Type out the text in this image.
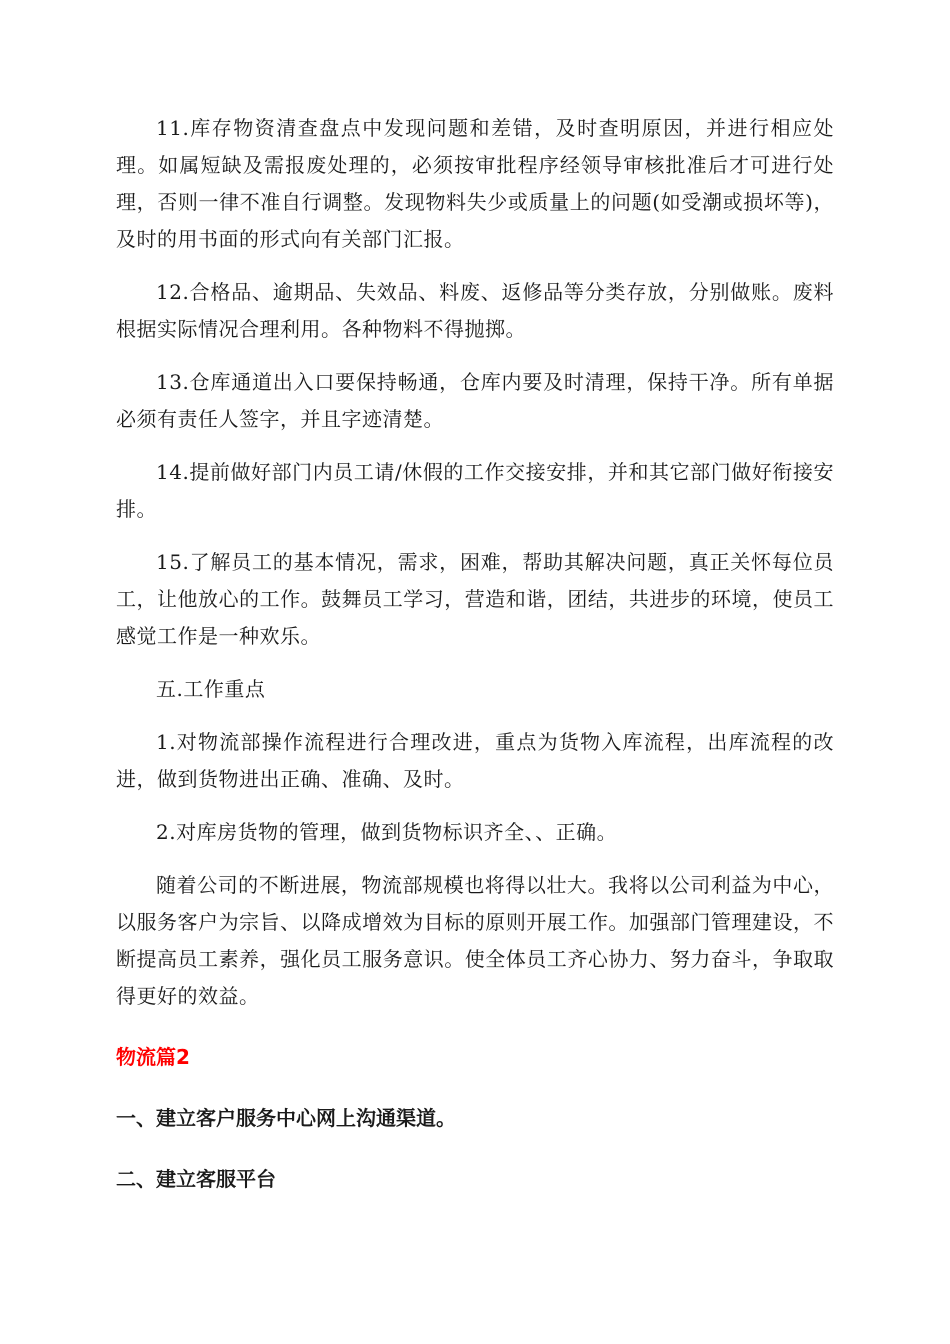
11.库存物资清查盘点中发现问题和差错，及时查明原因，并进行相应处理。如属短缺及需报废处理的，必须按审批程序经领导审核批准后才可进行处理，否则一律不准自行调整。发现物料失少或质量上的问题(如受潮或损坏等)，及时的用书面的形式向有关部门汇报。

12.合格品、逾期品、失效品、料废、返修品等分类存放，分别做账。废料根据实际情况合理利用。各种物料不得抛掷。

13.仓库通道出入口要保持畅通，仓库内要及时清理，保持干净。所有单据必须有责任人签字，并且字迹清楚。

14.提前做好部门内员工请/休假的工作交接安排，并和其它部门做好衔接安排。

15.了解员工的基本情况，需求，困难，帮助其解决问题，真正关怀每位员工，让他放心的工作。鼓舞员工学习，营造和谐，团结，共进步的环境，使员工感觉工作是一种欢乐。

五.工作重点

1.对物流部操作流程进行合理改进，重点为货物入库流程，出库流程的改进，做到货物进出正确、准确、及时。

2.对库房货物的管理，做到货物标识齐全、、正确。

随着公司的不断进展，物流部规模也将得以壮大。我将以公司利益为中心，以服务客户为宗旨、以降成增效为目标的原则开展工作。加强部门管理建设，不断提高员工素养，强化员工服务意识。使全体员工齐心协力、努力奋斗，争取取得更好的效益。

物流篇2

一、建立客户服务中心网上沟通渠道。

二、建立客服平台
